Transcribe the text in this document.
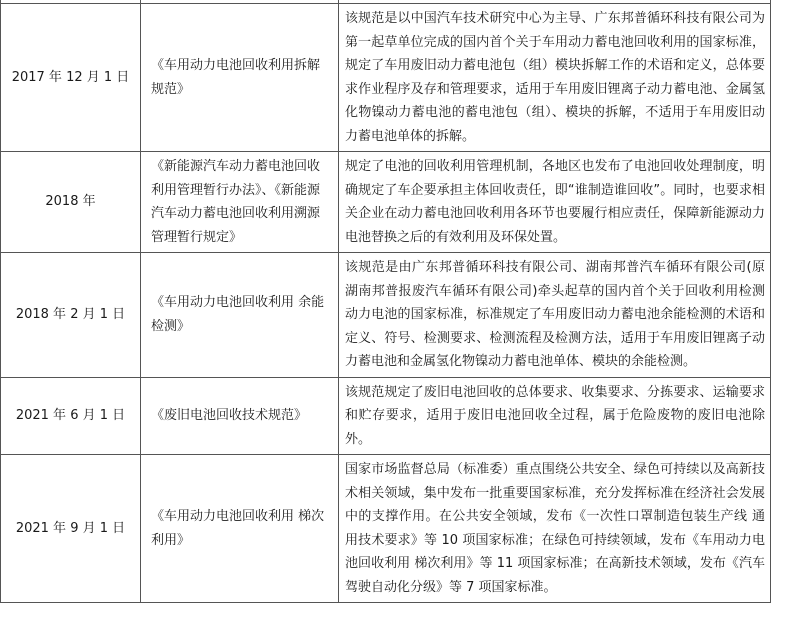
2017 年 12 月 1 日	《车用动力电池回收利用拆解规范》	该规范是以中国汽车技术研究中心为主导、广东邦普循环科技有限公司为第一起草单位完成的国内首个关于车用动力蓄电池回收利用的国家标准，规定了车用废旧动力蓄电池包（组）模块拆解工作的术语和定义，总体要求作业程序及存和管理要求，适用于车用废旧锂离子动力蓄电池、金属氢化物镍动力蓄电池的蓄电池包（组）、模块的拆解，不适用于车用废旧动力蓄电池单体的拆解。
2018 年	《新能源汽车动力蓄电池回收利用管理暂行办法》、《新能源汽车动力蓄电池回收利用溯源管理暂行规定》	规定了电池的回收利用管理机制，各地区也发布了电池回收处理制度，明确规定了车企要承担主体回收责任，即“谁制造谁回收”。同时，也要求相关企业在动力蓄电池回收利用各环节也要履行相应责任，保障新能源动力电池替换之后的有效利用及环保处置。
2018 年 2 月 1 日	《车用动力电池回收利用 余能检测》	该规范是由广东邦普循环科技有限公司、湖南邦普汽车循环有限公司(原湖南邦普报废汽车循环有限公司)牵头起草的国内首个关于回收利用检测动力电池的国家标准，标准规定了车用废旧动力蓄电池余能检测的术语和定义、符号、检测要求、检测流程及检测方法，适用于车用废旧锂离子动力蓄电池和金属氢化物镍动力蓄电池单体、模块的余能检测。
2021 年 6 月 1 日	《废旧电池回收技术规范》	该规范规定了废旧电池回收的总体要求、收集要求、分拣要求、运输要求和贮存要求，适用于废旧电池回收全过程，属于危险废物的废旧电池除外。
2021 年 9 月 1 日	《车用动力电池回收利用 梯次利用》	国家市场监督总局（标准委）重点围绕公共安全、绿色可持续以及高新技术相关领域，集中发布一批重要国家标准，充分发挥标准在经济社会发展中的支撑作用。在公共安全领域，发布《一次性口罩制造包装生产线 通用技术要求》等 10 项国家标准；在绿色可持续领域，发布《车用动力电池回收利用 梯次利用》等 11 项国家标准；在高新技术领域，发布《汽车驾驶自动化分级》等 7 项国家标准。
